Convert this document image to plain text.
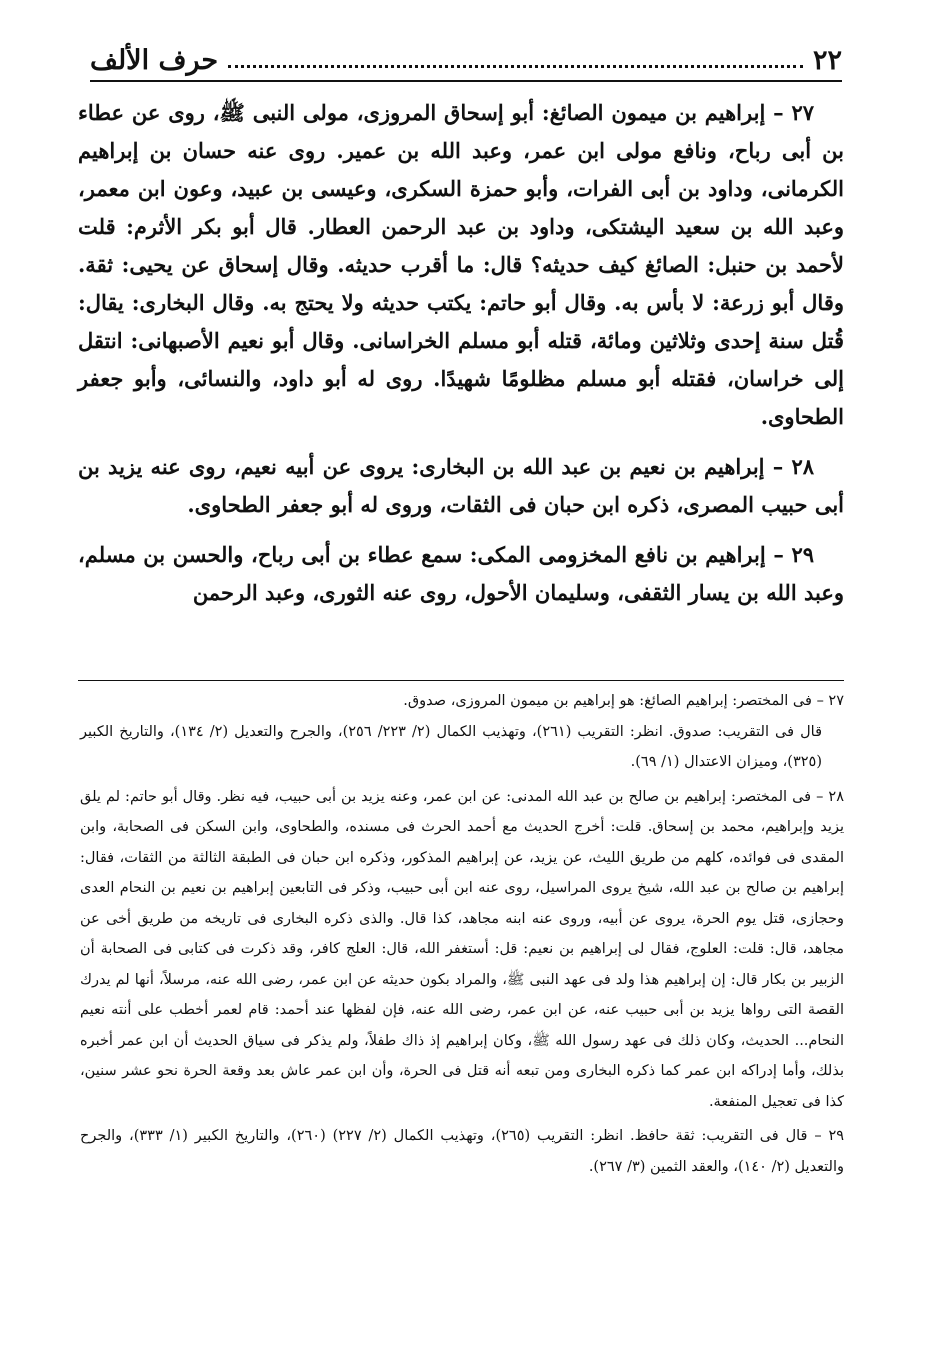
٢٢
حرف الألف

٢٧ – إبراهيم بن ميمون الصائغ: أبو إسحاق المروزى، مولى النبى ﷺ، روى عن عطاء بن أبى رباح، ونافع مولى ابن عمر، وعبد الله بن عمير. روى عنه حسان بن إبراهيم الكرمانى، وداود بن أبى الفرات، وأبو حمزة السكرى، وعيسى بن عبيد، وعون ابن معمر، وعبد الله بن سعيد اليشتكى، وداود بن عبد الرحمن العطار. قال أبو بكر الأثرم: قلت لأحمد بن حنبل: الصائغ كيف حديثه؟ قال: ما أقرب حديثه. وقال إسحاق عن يحيى: ثقة. وقال أبو زرعة: لا بأس به. وقال أبو حاتم: يكتب حديثه ولا يحتج به. وقال البخارى: يقال: قُتل سنة إحدى وثلاثين ومائة، قتله أبو مسلم الخراسانى. وقال أبو نعيم الأصبهانى: انتقل إلى خراسان، فقتله أبو مسلم مظلومًا شهيدًا. روى له أبو داود، والنسائى، وأبو جعفر الطحاوى.

٢٨ – إبراهيم بن نعيم بن عبد الله بن البخارى: يروى عن أبيه نعيم، روى عنه يزيد بن أبى حبيب المصرى، ذكره ابن حبان فى الثقات، وروى له أبو جعفر الطحاوى.

٢٩ – إبراهيم بن نافع المخزومى المكى: سمع عطاء بن أبى رباح، والحسن بن مسلم، وعبد الله بن يسار الثقفى، وسليمان الأحول، روى عنه الثورى، وعبد الرحمن

٢٧ – فى المختصر: إبراهيم الصائغ: هو إبراهيم بن ميمون المروزى، صدوق.

قال فى التقريب: صدوق. انظر: التقريب (٢٦١)، وتهذيب الكمال (٢/ ٢٢٣/ ٢٥٦)، والجرح والتعديل (٢/ ١٣٤)، والتاريخ الكبير (٣٢٥)، وميزان الاعتدال (١/ ٦٩).

٢٨ – فى المختصر: إبراهيم بن صالح بن عبد الله المدنى: عن ابن عمر، وعنه يزيد بن أبى حبيب، فيه نظر. وقال أبو حاتم: لم يلق يزيد وإبراهيم، محمد بن إسحاق. قلت: أخرج الحديث مع أحمد الحرث فى مسنده، والطحاوى، وابن السكن فى الصحابة، وابن المقدى فى فوائده، كلهم من طريق الليث، عن يزيد، عن إبراهيم المذكور، وذكره ابن حبان فى الطبقة الثالثة من الثقات، فقال: إبراهيم بن صالح بن عبد الله، شيخ يروى المراسيل، روى عنه ابن أبى حبيب، وذكر فى التابعين إبراهيم بن نعيم بن النحام العدى وحجازى، قتل يوم الحرة، يروى عن أبيه، وروى عنه ابنه مجاهد، كذا قال. والذى ذكره البخارى فى تاريخه من طريق أخى عن مجاهد، قال: قلت: العلوج، فقال لى إبراهيم بن نعيم: قل: أستغفر الله، قال: العلج كافر، وقد ذكرت فى كتابى فى الصحابة أن الزبير بن بكار قال: إن إبراهيم هذا ولد فى عهد النبى ﷺ، والمراد بكون حديثه عن ابن عمر، رضى الله عنه، مرسلاً، أنها لم يدرك القصة التى رواها يزيد بن أبى حبيب عنه، عن ابن عمر، رضى الله عنه، فإن لفظها عند أحمد: قام لعمر أخطب على أنته نعيم النحام... الحديث، وكان ذلك فى عهد رسول الله ﷺ، وكان إبراهيم إذ ذاك طفلاً، ولم يذكر فى سياق الحديث أن ابن عمر أخبره بذلك، وأما إدراكه ابن عمر كما ذكره البخارى ومن تبعه أنه قتل فى الحرة، وأن ابن عمر عاش بعد وقعة الحرة نحو عشر سنين، كذا فى تعجيل المنفعة.

٢٩ – قال فى التقريب: ثقة حافظ. انظر: التقريب (٢٦٥)، وتهذيب الكمال (٢/ ٢٢٧) (٢٦٠)، والتاريخ الكبير (١/ ٣٣٣)، والجرح والتعديل (٢/ ١٤٠)، والعقد الثمين (٣/ ٢٦٧).
